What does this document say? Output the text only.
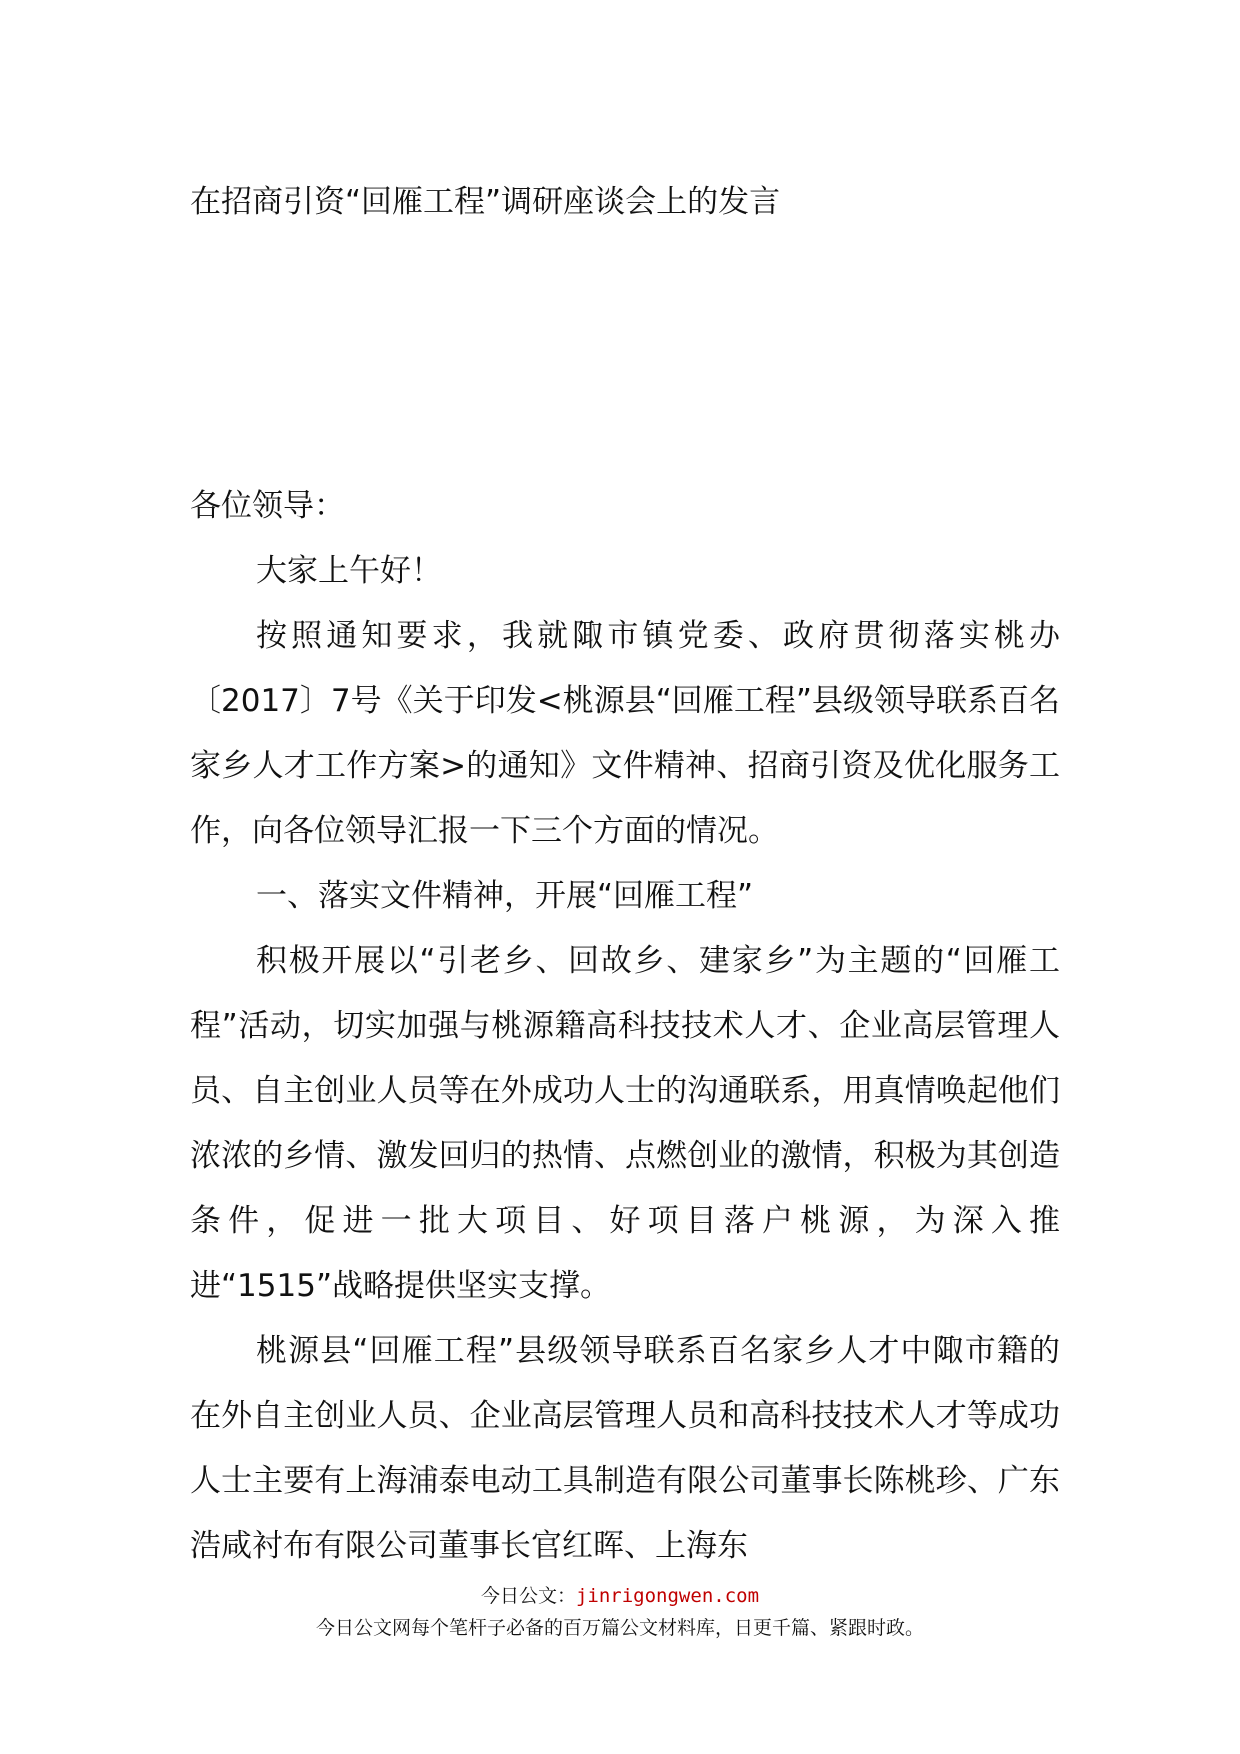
在招商引资“回雁工程”调研座谈会上的发言

各位领导：

大家上午好！

按照通知要求，我就陬市镇党委、政府贯彻落实桃办〔2017〕7号《关于印发<桃源县“回雁工程”县级领导联系百名家乡人才工作方案>的通知》文件精神、招商引资及优化服务工作，向各位领导汇报一下三个方面的情况。

一、落实文件精神，开展“回雁工程”

积极开展以“引老乡、回故乡、建家乡”为主题的“回雁工程”活动，切实加强与桃源籍高科技技术人才、企业高层管理人员、自主创业人员等在外成功人士的沟通联系，用真情唤起他们浓浓的乡情、激发回归的热情、点燃创业的激情，积极为其创造条件，促进一批大项目、好项目落户桃源，为深入推进“1515”战略提供坚实支撑。

桃源县“回雁工程”县级领导联系百名家乡人才中陬市籍的在外自主创业人员、企业高层管理人员和高科技技术人才等成功人士主要有上海浦泰电动工具制造有限公司董事长陈桃珍、广东浩咸衬布有限公司董事长官红晖、上海东

今日公文：jinrigongwen.com
今日公文网每个笔杆子必备的百万篇公文材料库，日更千篇、紧跟时政。
